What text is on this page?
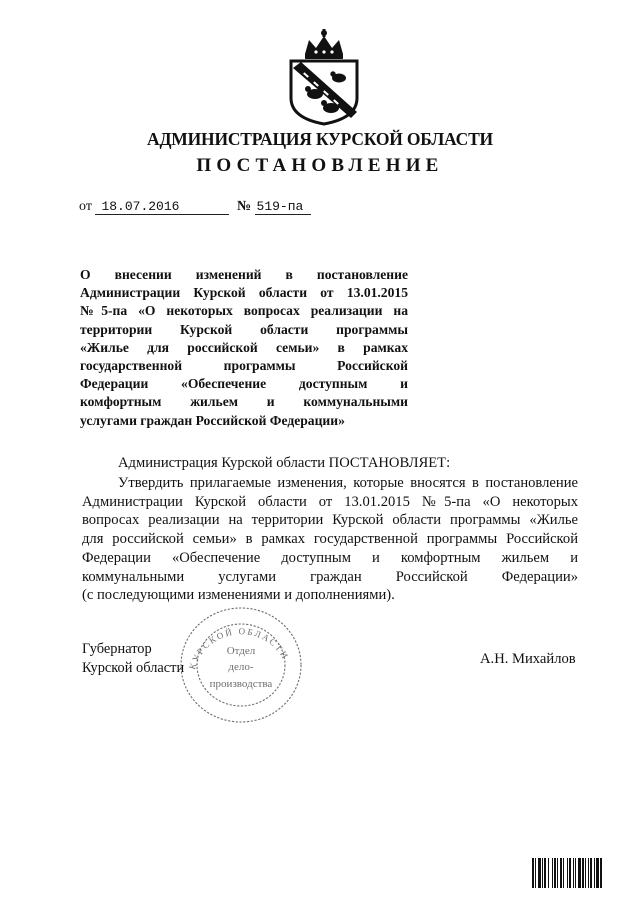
АДМИНИСТРАЦИЯ КУРСКОЙ ОБЛАСТИ
ПОСТАНОВЛЕНИЕ
от 18.07.2016	№ 519-па
О внесении изменений в постановление
Администрации Курской области от 13.01.2015
№5-па «О некоторых вопросах реализации на
территории Курской области программы
«Жилье для российской семьи» в рамках
государственной программы Российской
Федерации «Обеспечение доступным и
комфортным жильем и коммунальными
услугами граждан Российской Федерации»
Администрация Курской области ПОСТАНОВЛЯЕТ:
Утвердить прилагаемые изменения, которые вносятся в постановление
Администрации Курской области от 13.01.2015 №5-па «О некоторых
вопросах реализации на территории Курской области программы «Жилье
для российской семьи» в рамках государственной программы Российской
Федерации «Обеспечение доступным и комфортным жильем и
коммунальными услугами граждан Российской Федерации»
(с последующими изменениями и дополнениями).
КУРСКОЙ ОБЛАСТИ
Отдел
дело-
производства
Губернатор
Курской области
А.Н. Михайлов
